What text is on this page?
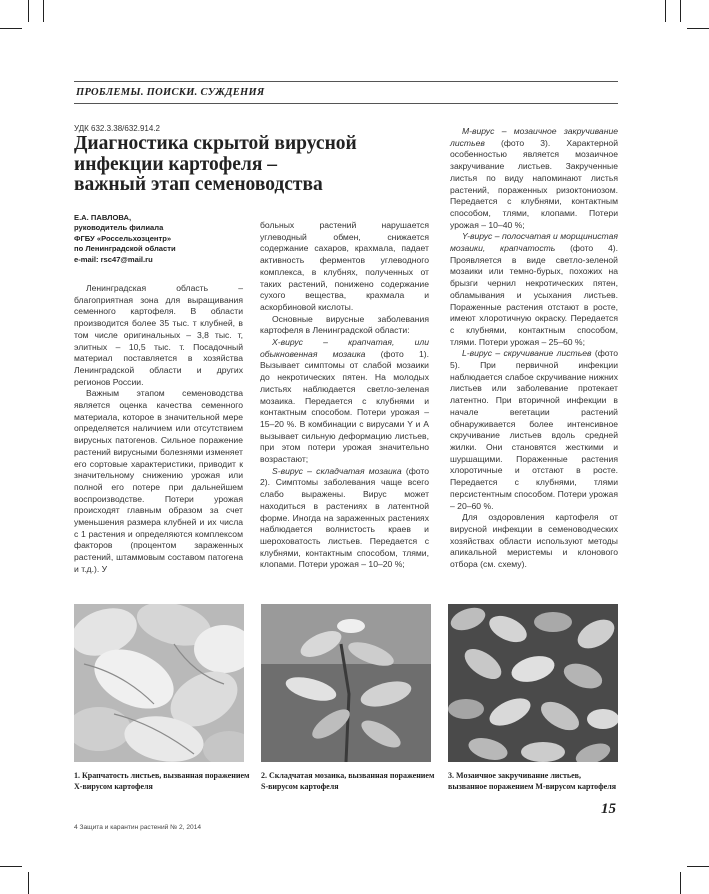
ПРОБЛЕМЫ. ПОИСКИ. СУЖДЕНИЯ
УДК 632.3.38/632.914.2
Диагностика скрытой вирусной
инфекции картофеля –
важный этап семеноводства
Е.А. ПАВЛОВА,
руководитель филиала
ФГБУ «Россельхозцентр»
по Ленинградской области
e-mail: rsc47@mail.ru

Ленинградская область – благоприятная зона для выращивания семенного картофеля. В области производится более 35 тыс. т клубней, в том числе оригинальных – 3,8 тыс. т, элитных – 10,5 тыс. т. Посадочный материал поставляется в хозяйства Ленинградской области и других регионов России.

Важным этапом семеноводства является оценка качества семенного материала, которое в значительной мере определяется наличием или отсутствием вирусных патогенов. Сильное поражение растений вирусными болезнями изменяет его сортовые характеристики, приводит к значительному снижению урожая или полной его потере при дальнейшем воспроизводстве. Потери урожая происходят главным образом за счет уменьшения размера клубней и их числа с 1 растения и определяются комплексом факторов (процентом зараженных растений, штаммовым составом патогена и т.д.). У

больных растений нарушается углеводный обмен, снижается содержание сахаров, крахмала, падает активность ферментов углеводного комплекса, в клубнях, полученных от таких растений, понижено содержание сухого вещества, крахмала и аскорбиновой кислоты.

Основные вирусные заболевания картофеля в Ленинградской области:

X-вирус – крапчатая, или обыкновенная мозаика (фото 1). Вызывает симптомы от слабой мозаики до некротических пятен. На молодых листьях наблюдается светло-зеленая мозаика. Передается с клубнями и контактным способом. Потери урожая – 15–20 %. В комбинации с вирусами Y и A вызывает сильную деформацию листьев, при этом потери урожая значительно возрастают;

S-вирус – складчатая мозаика (фото 2). Симптомы заболевания чаще всего слабо выражены. Вирус может находиться в растениях в латентной форме. Иногда на зараженных растениях наблюдается волнистость краев и шероховатость листьев. Передается с клубнями, контактным способом, тлями, клопами. Потери урожая – 10–20 %;

М-вирус – мозаичное закручивание листьев (фото 3). Характерной особенностью является мозаичное закручивание листьев. Закрученные листья по виду напоминают листья растений, пораженных ризоктониозом. Передается с клубнями, контактным способом, тлями, клопами. Потери урожая – 10–40 %;

Y-вирус – полосчатая и морщинистая мозаики, крапчатость (фото 4). Проявляется в виде светло-зеленой мозаики или темно-бурых, похожих на брызги чернил некротических пятен, обламывания и усыхания листьев. Пораженные растения отстают в росте, имеют хлоротичную окраску. Передается с клубнями, контактным способом, тлями. Потери урожая – 25–60 %;

L-вирус – скручивание листьев (фото 5). При первичной инфекции наблюдается слабое скручивание нижних листьев или заболевание протекает латентно. При вторичной инфекции в начале вегетации растений обнаруживается более интенсивное скручивание листьев вдоль средней жилки. Они становятся жесткими и шуршащими. Пораженные растения хлоротичные и отстают в росте. Передается с клубнями, тлями персистентным способом. Потери урожая – 20–60 %.

Для оздоровления картофеля от вирусной инфекции в семеноводческих хозяйствах области используют методы апикальной меристемы и клонового отбора (см. схему).

1. Крапчатость листьев, вызванная поражением X-вирусом картофеля
2. Складчатая мозаика, вызванная поражением S-вирусом картофеля
3. Мозаичное закручивание листьев, вызванное поражением М-вирусом картофеля
15
4 Защита и карантин растений № 2, 2014
